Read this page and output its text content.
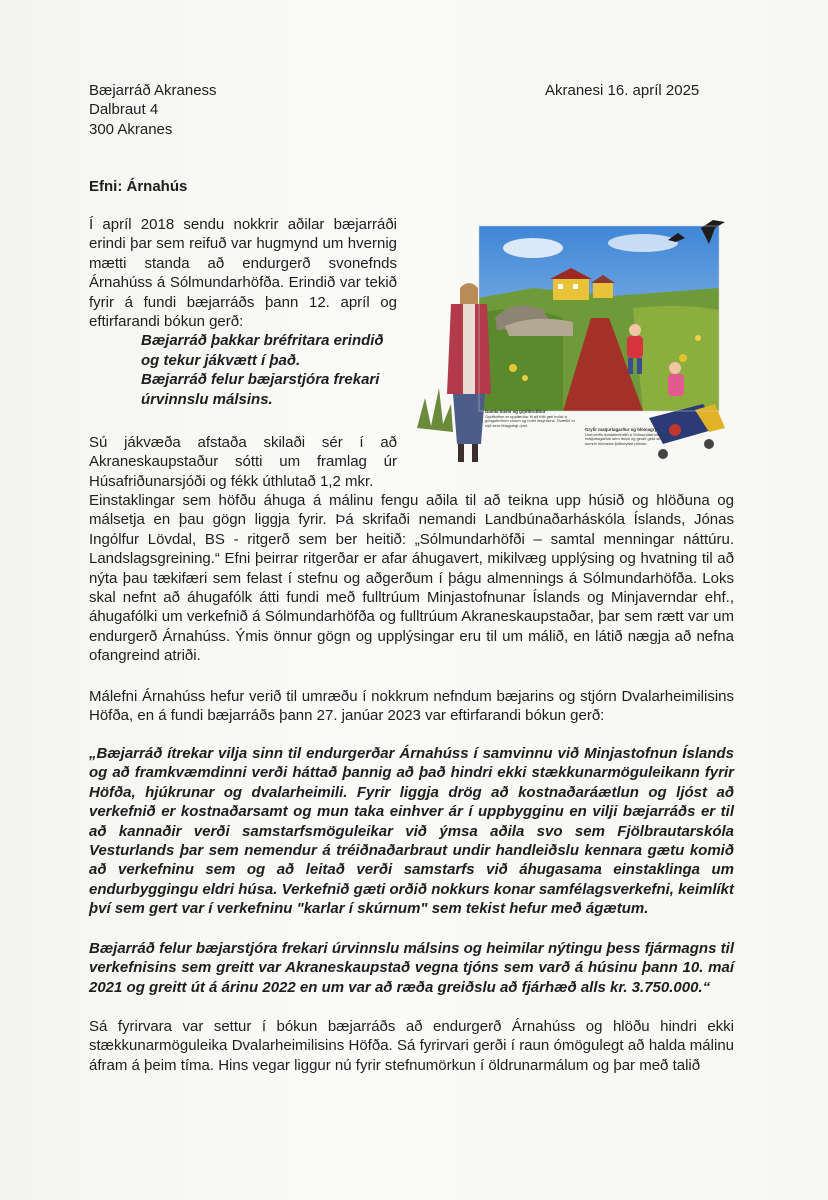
Bæjarráð Akraness
Dalbraut 4
300 Akranes
Akranesi 16. apríl 2025
Efni: Árnahús

Í apríl 2018 sendu nokkrir aðilar bæjarráði erindi þar sem reifuð var hugmynd um hvernig mætti standa að endurgerð svonefnds Árnahúss á Sólmundarhöfða. Erindið var tekið fyrir á fundi bæjarráðs þann 12. apríl og eftirfarandi bókun gerð:

Bæjarráð þakkar bréfritara erindið og tekur jákvætt í það.
Bæjarráð felur bæjarstjóra frekari úrvinnslu málsins.

Sú jákvæða afstaða skilaði sér í að Akraneskaupstaður sótti um framlag úr Húsafriðunarsjóði og fékk úthlutað 1,2 mkr.

Gamla húsin og grjótkrubbur
Grjótkofinn er uppfærður til að fólk geti hvílst á gönguferðum sínum og notið útsýnisins. Svæðið er nýtt sem félagslegt rými.
Gryfir matjurtagarður og blómagryf
Umhverfis dvalarheimilið á Sólmundarhöfða eru matjurtagarðar sem íbúar og gestir geta sinnt. Á sumrin blómstra fjölbreyttar plöntur.

Einstaklingar sem höfðu áhuga á málinu fengu aðila til að teikna upp húsið og hlöðuna og málsetja en þau gögn liggja fyrir. Þá skrifaði nemandi Landbúnaðarháskóla Íslands, Jónas Ingólfur Lövdal, BS - ritgerð sem ber heitið: „Sólmundarhöfði – samtal menningar náttúru. Landslagsgreining.“ Efni þeirrar ritgerðar er afar áhugavert, mikilvæg upplýsing og hvatning til að nýta þau tækifæri sem felast í stefnu og aðgerðum í þágu almennings á Sólmundarhöfða. Loks skal nefnt að áhugafólk átti fundi með fulltrúum Minjastofnunar Íslands og Minjaverndar ehf., áhugafólki um verkefnið á Sólmundarhöfða og fulltrúum Akraneskaupstaðar, þar sem rætt var um endurgerð Árnahúss. Ýmis önnur gögn og upplýsingar eru til um málið, en látið nægja að nefna ofangreind atriði.

Málefni Árnahúss hefur verið til umræðu í nokkrum nefndum bæjarins og stjórn Dvalarheimilisins Höfða, en á fundi bæjarráðs þann 27. janúar 2023 var eftirfarandi bókun gerð:

„Bæjarráð ítrekar vilja sinn til endurgerðar Árnahúss í samvinnu við Minjastofnun Íslands og að framkvæmdinni verði háttað þannig að það hindri ekki stækkunarmöguleikann fyrir Höfða, hjúkrunar og dvalarheimili. Fyrir liggja drög að kostnaðaráætlun og ljóst að verkefnið er kostnaðarsamt og mun taka einhver ár í uppbygginu en vilji bæjarráðs er til að kannaðir verði samstarfsmöguleikar við ýmsa aðila svo sem Fjölbrautarskóla Vesturlands þar sem nemendur á tréiðnaðarbraut undir handleiðslu kennara gætu komið að verkefninu sem og að leitað verði samstarfs við áhugasama einstaklinga um endurbyggingu eldri húsa. Verkefnið gæti orðið nokkurs konar samfélagsverkefni, keimlíkt því sem gert var í verkefninu "karlar í skúrnum" sem tekist hefur með ágætum.

Bæjarráð felur bæjarstjóra frekari úrvinnslu málsins og heimilar nýtingu þess fjármagns til verkefnisins sem greitt var Akraneskaupstað vegna tjóns sem varð á húsinu þann 10. maí 2021 og greitt út á árinu 2022 en um var að ræða greiðslu að fjárhæð alls kr. 3.750.000.“

Sá fyrirvara var settur í bókun bæjarráðs að endurgerð Árnahúss og hlöðu hindri ekki stækkunarmöguleika Dvalarheimilisins Höfða. Sá fyrirvari gerði í raun ómögulegt að halda málinu áfram á þeim tíma. Hins vegar liggur nú fyrir stefnumörkun í öldrunarmálum og þar með talið
